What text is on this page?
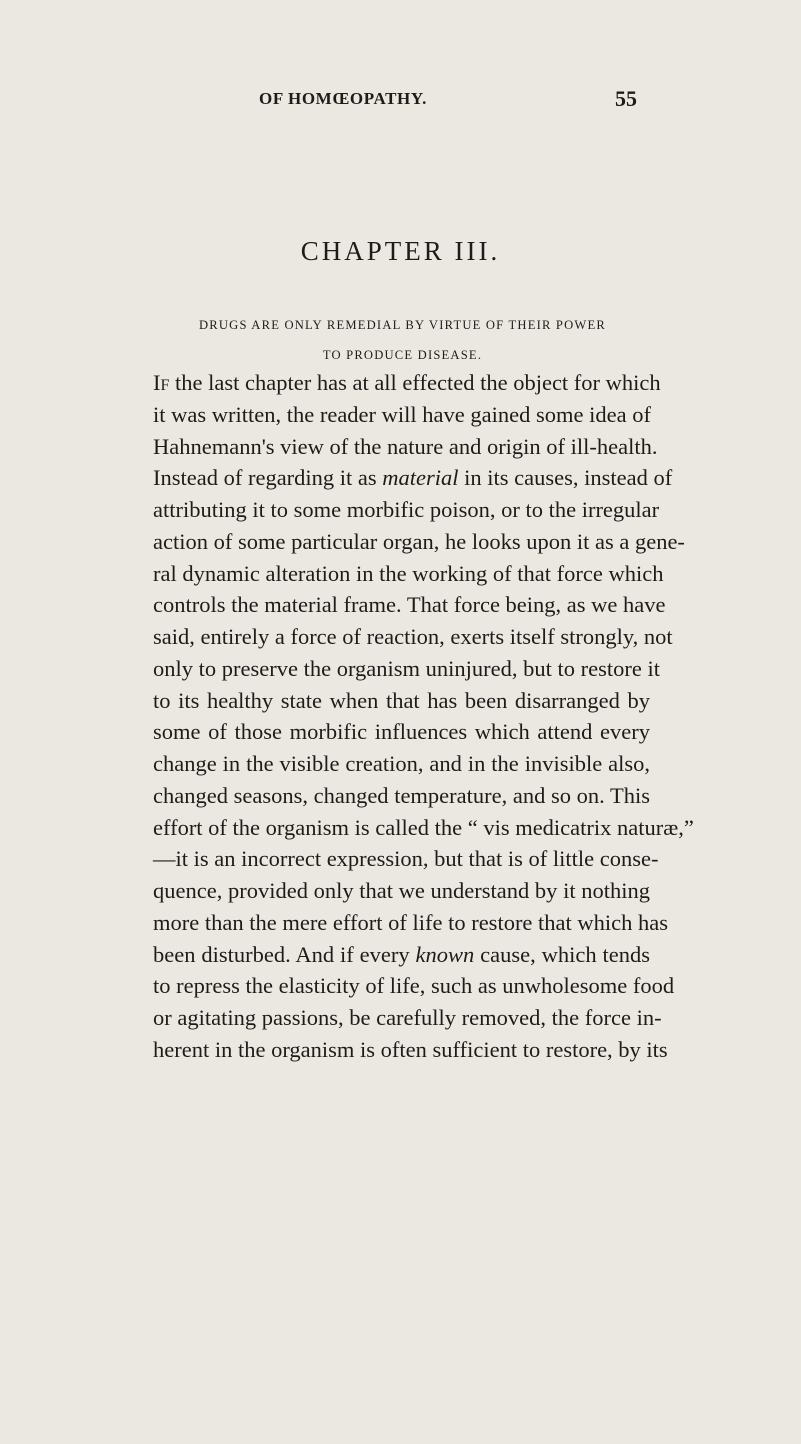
OF HOMŒOPATHY.	55
CHAPTER III.
DRUGS ARE ONLY REMEDIAL BY VIRTUE OF THEIR POWER
TO PRODUCE DISEASE.
If the last chapter has at all effected the object for which
it was written, the reader will have gained some idea of
Hahnemann's view of the nature and origin of ill-health.
Instead of regarding it as material in its causes, instead of
attributing it to some morbific poison, or to the irregular
action of some particular organ, he looks upon it as a gene-
ral dynamic alteration in the working of that force which
controls the material frame. That force being, as we have
said, entirely a force of reaction, exerts itself strongly, not
only to preserve the organism uninjured, but to restore it
to its healthy state when that has been disarranged by
some of those morbific influences which attend every
change in the visible creation, and in the invisible also,
changed seasons, changed temperature, and so on. This
effort of the organism is called the “ vis medicatrix naturæ,”
—it is an incorrect expression, but that is of little conse-
quence, provided only that we understand by it nothing
more than the mere effort of life to restore that which has
been disturbed. And if every known cause, which tends
to repress the elasticity of life, such as unwholesome food
or agitating passions, be carefully removed, the force in-
herent in the organism is often sufficient to restore, by its
